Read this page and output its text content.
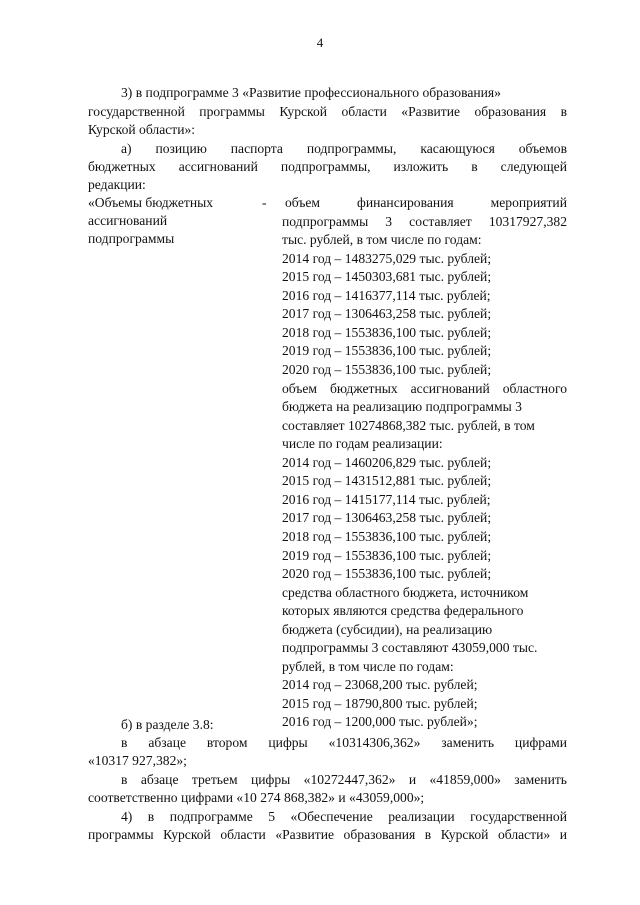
4
3) в подпрограмме 3 «Развитие профессионального образования»
государственной программы Курской области «Развитие образования в
Курской области»:
а) позицию паспорта подпрограммы, касающуюся объемов
бюджетных ассигнований подпрограммы, изложить в следующей
редакции:
«Объемы бюджетных
ассигнований
подпрограммы
- объем финансирования мероприятий
подпрограммы 3 составляет 10317927,382
тыс. рублей, в том числе по годам:
2014 год – 1483275,029 тыс. рублей;
2015 год – 1450303,681 тыс. рублей;
2016 год – 1416377,114 тыс. рублей;
2017 год – 1306463,258 тыс. рублей;
2018 год – 1553836,100 тыс. рублей;
2019 год – 1553836,100 тыс. рублей;
2020 год – 1553836,100 тыс. рублей;
объем бюджетных ассигнований областного
бюджета на реализацию подпрограммы 3
составляет 10274868,382 тыс. рублей, в том
числе по годам реализации:
2014 год – 1460206,829 тыс. рублей;
2015 год – 1431512,881 тыс. рублей;
2016 год – 1415177,114 тыс. рублей;
2017 год – 1306463,258 тыс. рублей;
2018 год – 1553836,100 тыс. рублей;
2019 год – 1553836,100 тыс. рублей;
2020 год – 1553836,100 тыс. рублей;
средства областного бюджета, источником
которых являются средства федерального
бюджета (субсидии), на реализацию
подпрограммы 3 составляют 43059,000 тыс.
рублей, в том числе по годам:
2014 год – 23068,200 тыс. рублей;
2015 год – 18790,800 тыс. рублей;
2016 год – 1200,000 тыс. рублей»;
б) в разделе 3.8:
в абзаце втором цифры «10314306,362» заменить цифрами
«10317 927,382»;
в абзаце третьем цифры «10272447,362» и «41859,000» заменить
соответственно цифрами «10 274 868,382» и «43059,000»;
4) в подпрограмме 5 «Обеспечение реализации государственной
программы Курской области «Развитие образования в Курской области» и
